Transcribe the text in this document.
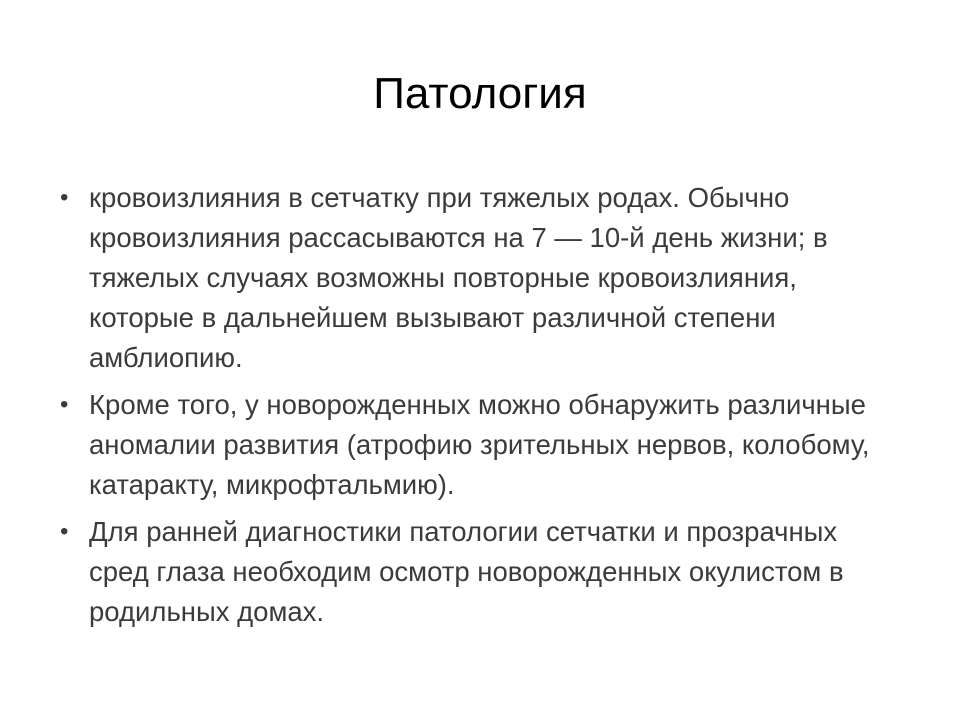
Патология
• кровоизлияния в сетчатку при тяжелых родах. Обычно кровоизлияния рассасываются на 7 — 10-й день жизни; в тяжелых случаях возможны повторные кровоизлияния, которые в дальнейшем вызывают различной степени амблиопию.
• Кроме того, у новорожденных можно обнаружить различные аномалии развития (атрофию зрительных нервов, колобому, катаракту, микрофтальмию).
• Для ранней диагностики патологии сетчатки и прозрачных сред глаза необходим осмотр новорожденных окулистом в родильных домах.
